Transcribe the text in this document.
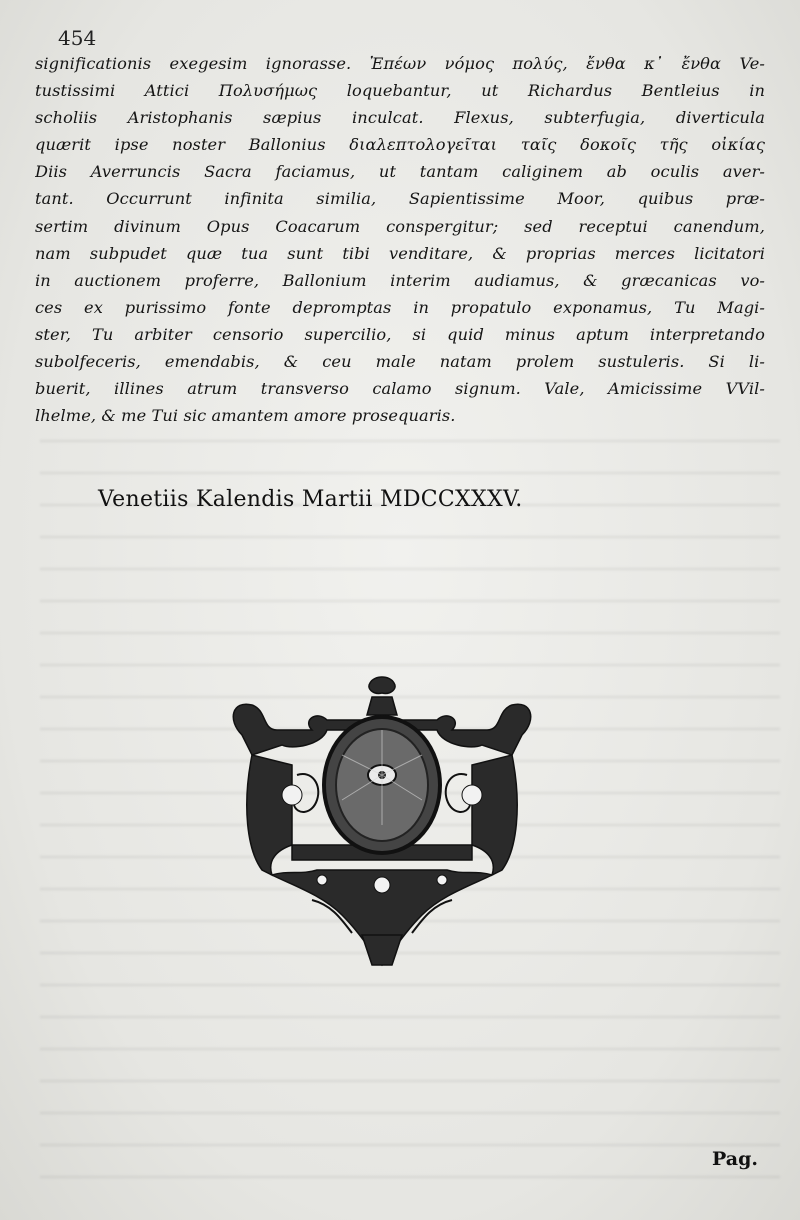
454
significationis exegesim ignorasse. Ἐπέων νόμος πολύς, ἔνθα κ᾽ ἔνθα Ve-
tustissimi Attici Πολυσήμως loquebantur, ut Richardus Bentleius in
scholiis Aristophanis sæpius inculcat. Flexus, subterfugia, diverticula
quærit ipse noster Ballonius διαλεπτολογεῖται ταῖς δοκοῖς τῆς οἰκίας
Diis Averruncis Sacra faciamus, ut tantam caliginem ab oculis aver-
tant. Occurrunt infinita similia, Sapientissime Moor, quibus præ-
sertim divinum Opus Coacarum conspergitur; sed receptui canendum,
nam subpudet quæ tua sunt tibi venditare, & proprias merces licitatori
in auctionem proferre, Ballonium interim audiamus, & græcanicas vo-
ces ex purissimo fonte depromptas in propatulo exponamus, Tu Magi-
ster, Tu arbiter censorio supercilio, si quid minus aptum interpretando
subolfeceris, emendabis, & ceu male natam prolem sustuleris. Si li-
buerit, illines atrum transverso calamo signum. Vale, Amicissime VVil-
lhelme, & me Tui sic amantem amore prosequaris.
Venetiis Kalendis Martii MDCCXXXV.
Pag.
